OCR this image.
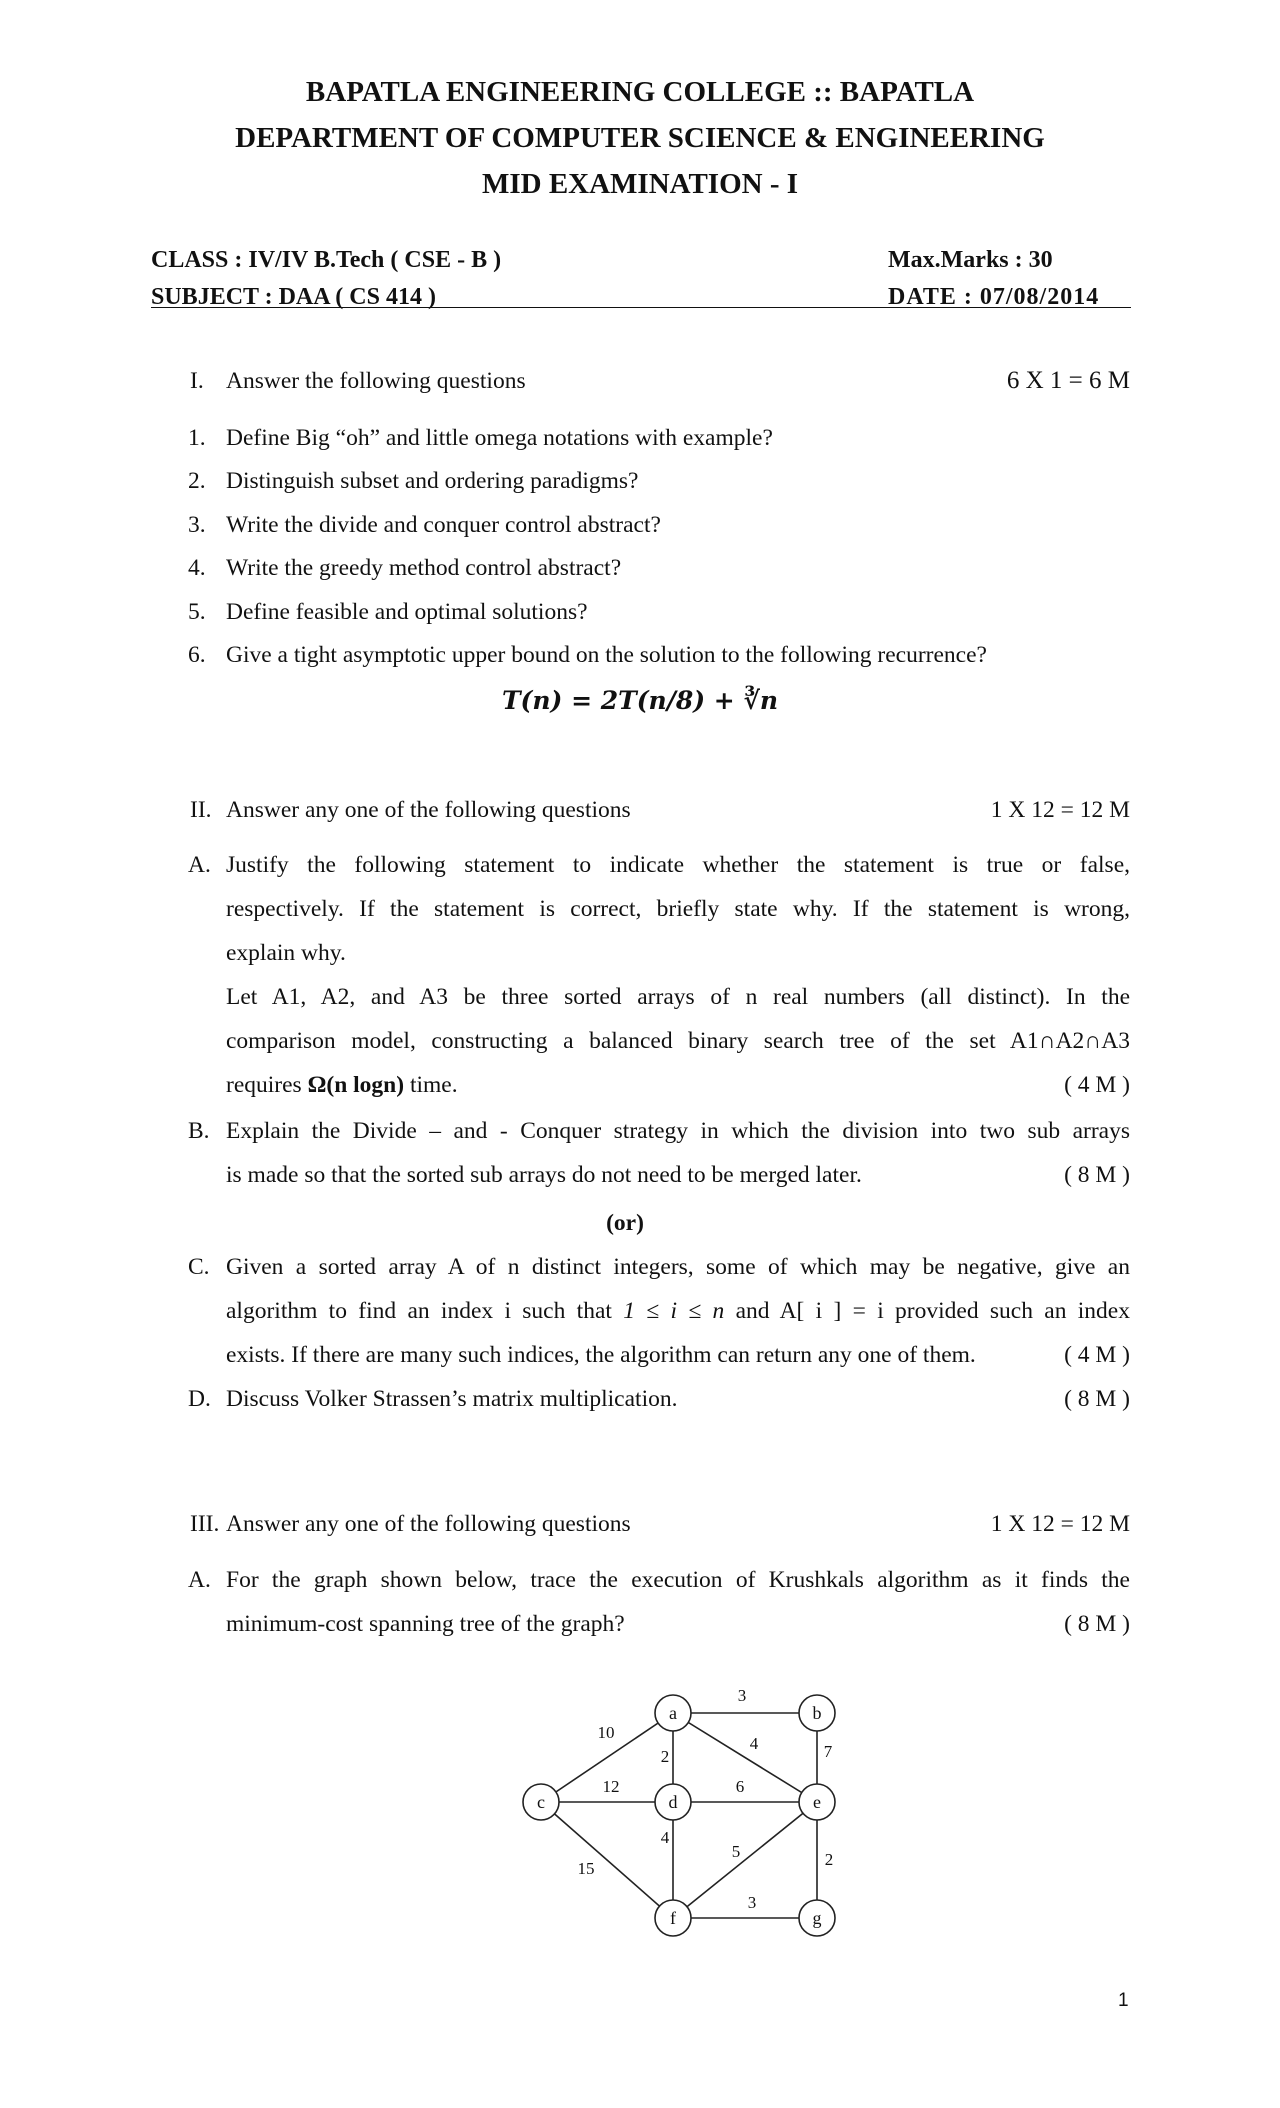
BAPATLA ENGINEERING COLLEGE :: BAPATLA
DEPARTMENT OF COMPUTER SCIENCE & ENGINEERING
MID EXAMINATION - I
CLASS : IV/IV B.Tech ( CSE - B )	Max.Marks : 30
SUBJECT : DAA ( CS 414 )	DATE : 07/08/2014
I. Answer the following questions	6 X 1 = 6 M
1. Define Big “oh” and little omega notations with example?
2. Distinguish subset and ordering paradigms?
3. Write the divide and conquer control abstract?
4. Write the greedy method control abstract?
5. Define feasible and optimal solutions?
6. Give a tight asymptotic upper bound on the solution to the following recurrence?
T(n) = 2T(n/8) + ∛n
II. Answer any one of the following questions	1 X 12 = 12 M
A. Justify the following statement to indicate whether the statement is true or false,
respectively. If the statement is correct, briefly state why. If the statement is wrong,
explain why.
Let A1, A2, and A3 be three sorted arrays of n real numbers (all distinct). In the
comparison model, constructing a balanced binary search tree of the set A1∩A2∩A3
requires Ω(n logn) time.	( 4 M )
B. Explain the Divide – and - Conquer strategy in which the division into two sub arrays
is made so that the sorted sub arrays do not need to be merged later.	( 8 M )
(or)
C. Given a sorted array A of n distinct integers, some of which may be negative, give an
algorithm to find an index i such that 1 ≤ i ≤ n and A[ i ] = i provided such an index
exists. If there are many such indices, the algorithm can return any one of them.	( 4 M )
D. Discuss Volker Strassen’s matrix multiplication.	( 8 M )
III. Answer any one of the following questions	1 X 12 = 12 M
A. For the graph shown below, trace the execution of Krushkals algorithm as it finds the
minimum-cost spanning tree of the graph?	( 8 M )
3
10
2
4	7
12	6
15
4
5	2
3
a	b
c	d	e
f	g
1
